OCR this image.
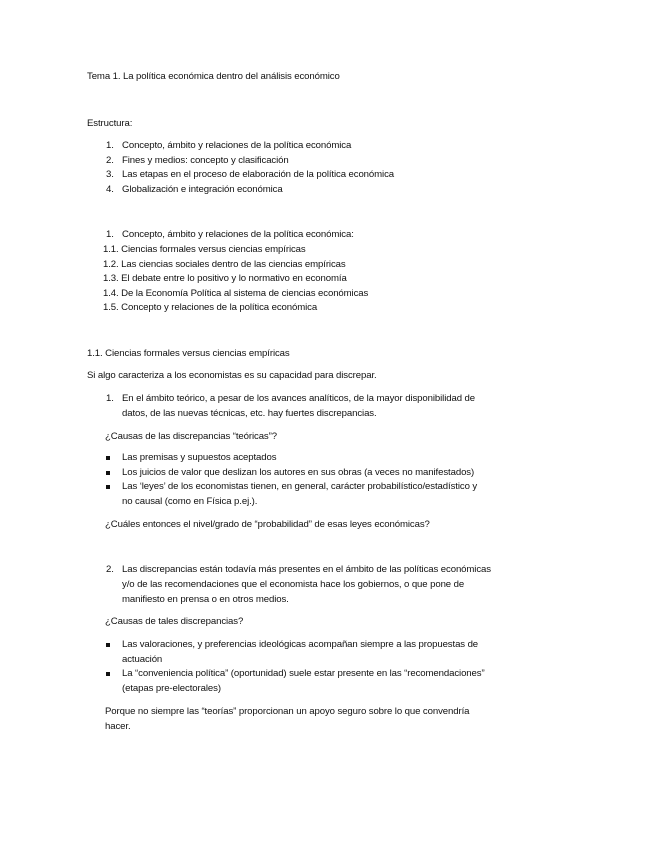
Tema 1. La política económica dentro del análisis económico
Estructura:
1. Concepto, ámbito y relaciones de la política económica
2. Fines y medios: concepto y clasificación
3. Las etapas en el proceso de elaboración de la política económica
4. Globalización e integración económica
1. Concepto, ámbito y relaciones de la política económica:
1.1. Ciencias formales versus ciencias empíricas
1.2. Las ciencias sociales dentro de las ciencias empíricas
1.3. El debate entre lo positivo y lo normativo en economía
1.4. De la Economía Política al sistema de ciencias económicas
1.5. Concepto y relaciones de la política económica
1.1. Ciencias formales versus ciencias empíricas
Si algo caracteriza a los economistas es su capacidad para discrepar.
1. En el ámbito teórico, a pesar de los avances analíticos, de la mayor disponibilidad de
datos, de las nuevas técnicas, etc. hay fuertes discrepancias.
¿Causas de las discrepancias “teóricas”?
Las premisas y supuestos aceptados
Los juicios de valor que deslizan los autores en sus obras (a veces no manifestados)
Las ‘leyes’ de los economistas tienen, en general, carácter probabilístico/estadístico y
no causal (como en Física p.ej.).
¿Cuáles entonces el nivel/grado de “probabilidad” de esas leyes económicas?
2. Las discrepancias están todavía más presentes en el ámbito de las políticas económicas
y/o de las recomendaciones que el economista hace los gobiernos, o que pone de
manifiesto en prensa o en otros medios.
¿Causas de tales discrepancias?
Las valoraciones, y preferencias ideológicas acompañan siempre a las propuestas de
actuación
La “conveniencia política” (oportunidad) suele estar presente en las “recomendaciones”
(etapas pre-electorales)
Porque no siempre las “teorías” proporcionan un apoyo seguro sobre lo que convendría
hacer.
